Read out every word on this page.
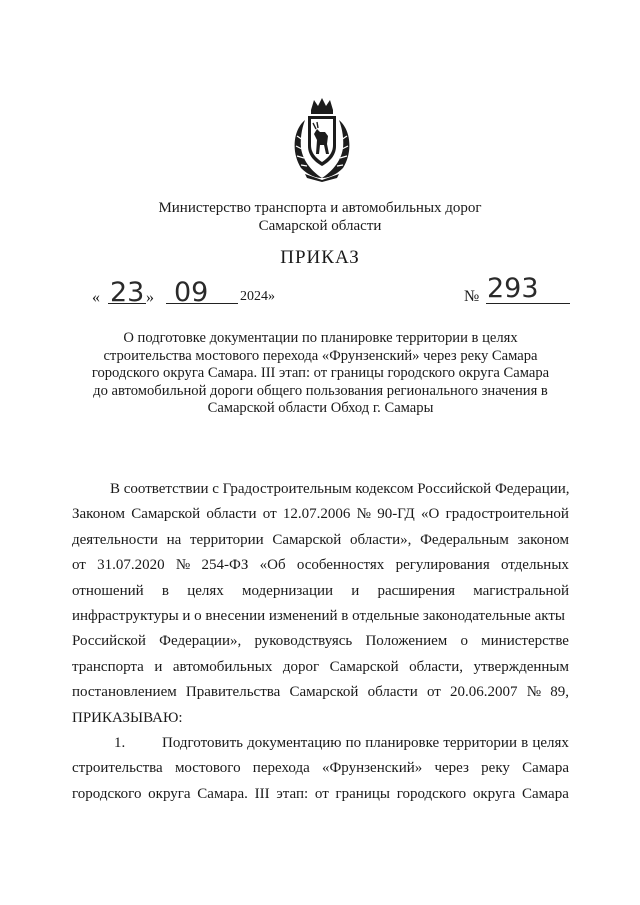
Министерство транспорта и автомобильных дорог
Самарской области
ПРИКАЗ
« 23 » 09 2024»	№ 293
О подготовке документации по планировке территории в целях
строительства мостового перехода «Фрунзенский» через реку Самара
городского округа Самара. III этап: от границы городского округа Самара
до автомобильной дороги общего пользования регионального значения в
Самарской области Обход г. Самары
В соответствии с Градостроительным кодексом Российской Федерации,
Законом Самарской области от 12.07.2006 № 90-ГД «О градостроительной
деятельности на территории Самарской области», Федеральным законом
от 31.07.2020 № 254-ФЗ «Об особенностях регулирования отдельных
отношений в целях модернизации и расширения магистральной
инфраструктуры и о внесении изменений в отдельные законодательные акты
Российской Федерации», руководствуясь Положением о министерстве
транспорта и автомобильных дорог Самарской области, утвержденным
постановлением Правительства Самарской области от 20.06.2007 № 89,
ПРИКАЗЫВАЮ:
1.	Подготовить документацию по планировке территории в целях
строительства мостового перехода «Фрунзенский» через реку Самара
городского округа Самара. III этап: от границы городского округа Самара
